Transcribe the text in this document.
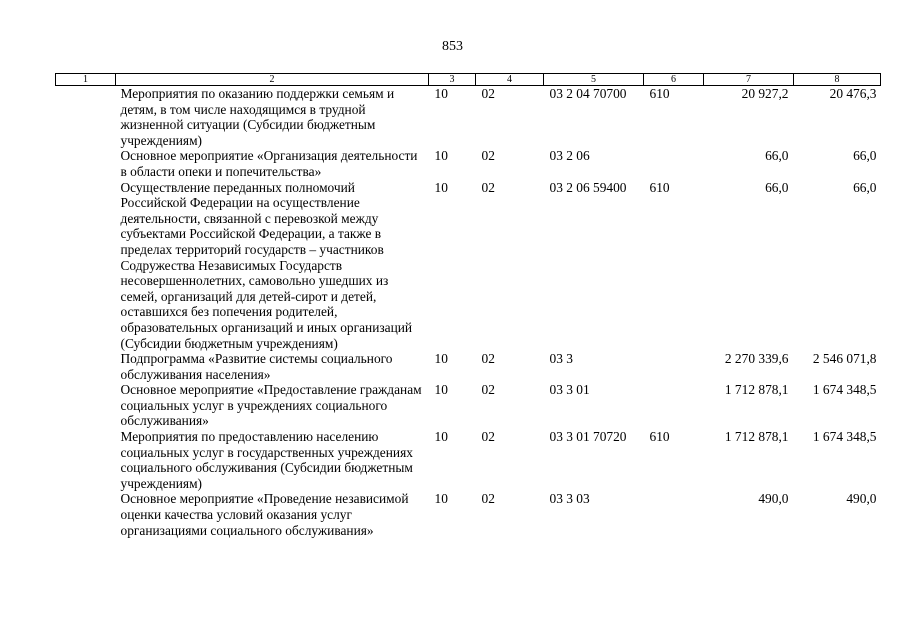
853
1	2	3	4	5	6	7	8
	Мероприятия по оказанию поддержки семьям и детям, в том числе находящимся в трудной жизненной ситуации (Субсидии бюджетным учреждениям)	10	02	03 2 04 70700	610	20 927,2	20 476,3
	Основное мероприятие «Организация деятельности в области опеки и попечительства»	10	02	03 2 06		66,0	66,0
	Осуществление переданных полномочий Российской Федерации на осуществление деятельности, связанной с перевозкой между субъектами Российской Федерации, а также в пределах территорий государств – участников Содружества Независимых Государств несовершеннолетних, самовольно ушедших из семей, организаций для детей-сирот и детей, оставшихся без попечения родителей, образовательных организаций и иных организаций (Субсидии бюджетным учреждениям)	10	02	03 2 06 59400	610	66,0	66,0
	Подпрограмма «Развитие системы социального обслуживания населения»	10	02	03 3		2 270 339,6	2 546 071,8
	Основное мероприятие «Предоставление гражданам социальных услуг в учреждениях социального обслуживания»	10	02	03 3 01		1 712 878,1	1 674 348,5
	Мероприятия по предоставлению населению социальных услуг в государственных учреждениях социального обслуживания (Субсидии бюджетным учреждениям)	10	02	03 3 01 70720	610	1 712 878,1	1 674 348,5
	Основное мероприятие «Проведение независимой оценки качества условий оказания услуг организациями социального обслуживания»	10	02	03 3 03		490,0	490,0
